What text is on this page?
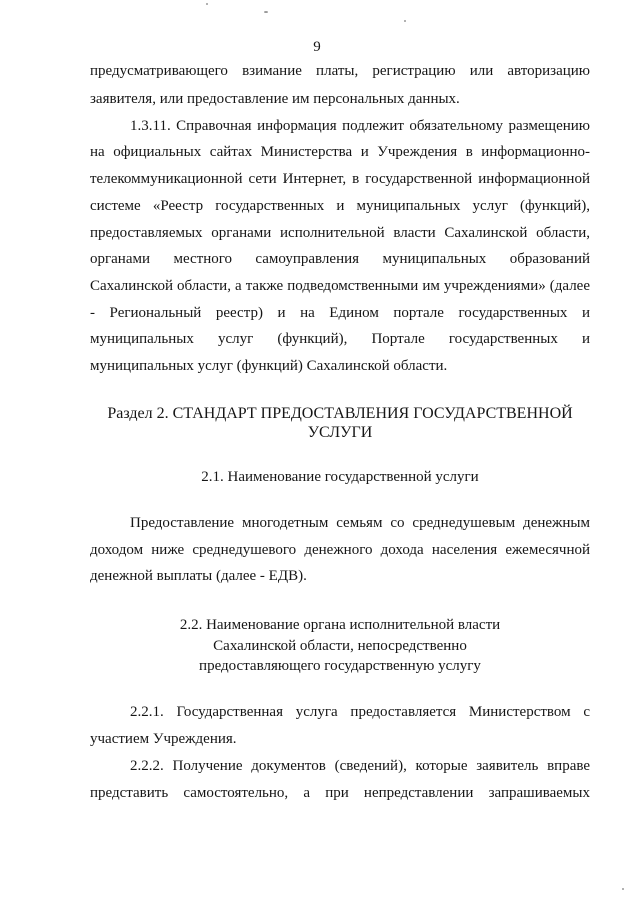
9
предусматривающего взимание платы, регистрацию или авторизацию
заявителя, или предоставление им персональных данных.
1.3.11. Справочная информация подлежит обязательному размещению
на официальных сайтах Министерства и Учреждения в информационно-
телекоммуникационной сети Интернет, в государственной информационной
системе «Реестр государственных и муниципальных услуг (функций),
предоставляемых органами исполнительной власти Сахалинской области,
органами местного самоуправления муниципальных образований
Сахалинской области, а также подведомственными им учреждениями» (далее
- Региональный реестр) и на Едином портале государственных и
муниципальных услуг (функций), Портале государственных и
муниципальных услуг (функций) Сахалинской области.
Раздел 2. СТАНДАРТ ПРЕДОСТАВЛЕНИЯ ГОСУДАРСТВЕННОЙ
УСЛУГИ
2.1. Наименование государственной услуги
Предоставление многодетным семьям со среднедушевым денежным
доходом ниже среднедушевого денежного дохода населения ежемесячной
денежной выплаты (далее - ЕДВ).
2.2. Наименование органа исполнительной власти
Сахалинской области, непосредственно
предоставляющего государственную услугу
2.2.1. Государственная услуга предоставляется Министерством с
участием Учреждения.
2.2.2. Получение документов (сведений), которые заявитель вправе
представить самостоятельно, а при непредставлении запрашиваемых
